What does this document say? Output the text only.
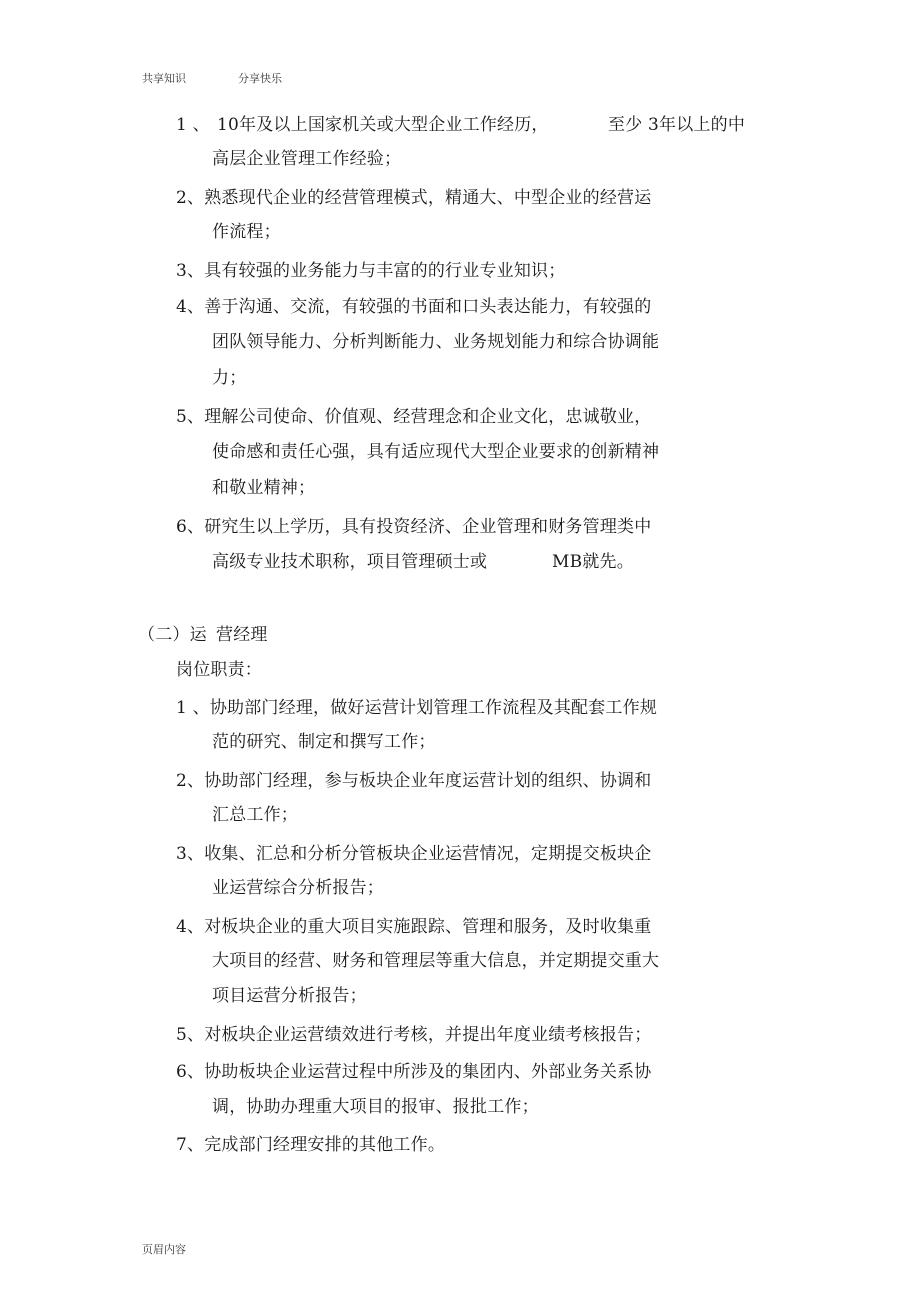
共享知识	分享快乐
1 、 10年及以上国家机关或大型企业工作经历，	至少 3年以上的中
高层企业管理工作经验；
2、熟悉现代企业的经营管理模式，精通大、中型企业的经营运
作流程；
3、具有较强的业务能力与丰富的的行业专业知识；
4、善于沟通、交流，有较强的书面和口头表达能力，有较强的
团队领导能力、分析判断能力、业务规划能力和综合协调能
力；
5、理解公司使命、价值观、经营理念和企业文化，忠诚敬业，
使命感和责任心强，具有适应现代大型企业要求的创新精神
和敬业精神；
6、研究生以上学历，具有投资经济、企业管理和财务管理类中
高级专业技术职称，项目管理硕士或	MB就先。
（二）运 营经理
岗位职责：
1 、协助部门经理，做好运营计划管理工作流程及其配套工作规
范的研究、制定和撰写工作；
2、协助部门经理，参与板块企业年度运营计划的组织、协调和
汇总工作；
3、收集、汇总和分析分管板块企业运营情况，定期提交板块企
业运营综合分析报告；
4、对板块企业的重大项目实施跟踪、管理和服务，及时收集重
大项目的经营、财务和管理层等重大信息，并定期提交重大
项目运营分析报告；
5、对板块企业运营绩效进行考核，并提出年度业绩考核报告；
6、协助板块企业运营过程中所涉及的集团内、外部业务关系协
调，协助办理重大项目的报审、报批工作；
7、完成部门经理安排的其他工作。
页眉内容
